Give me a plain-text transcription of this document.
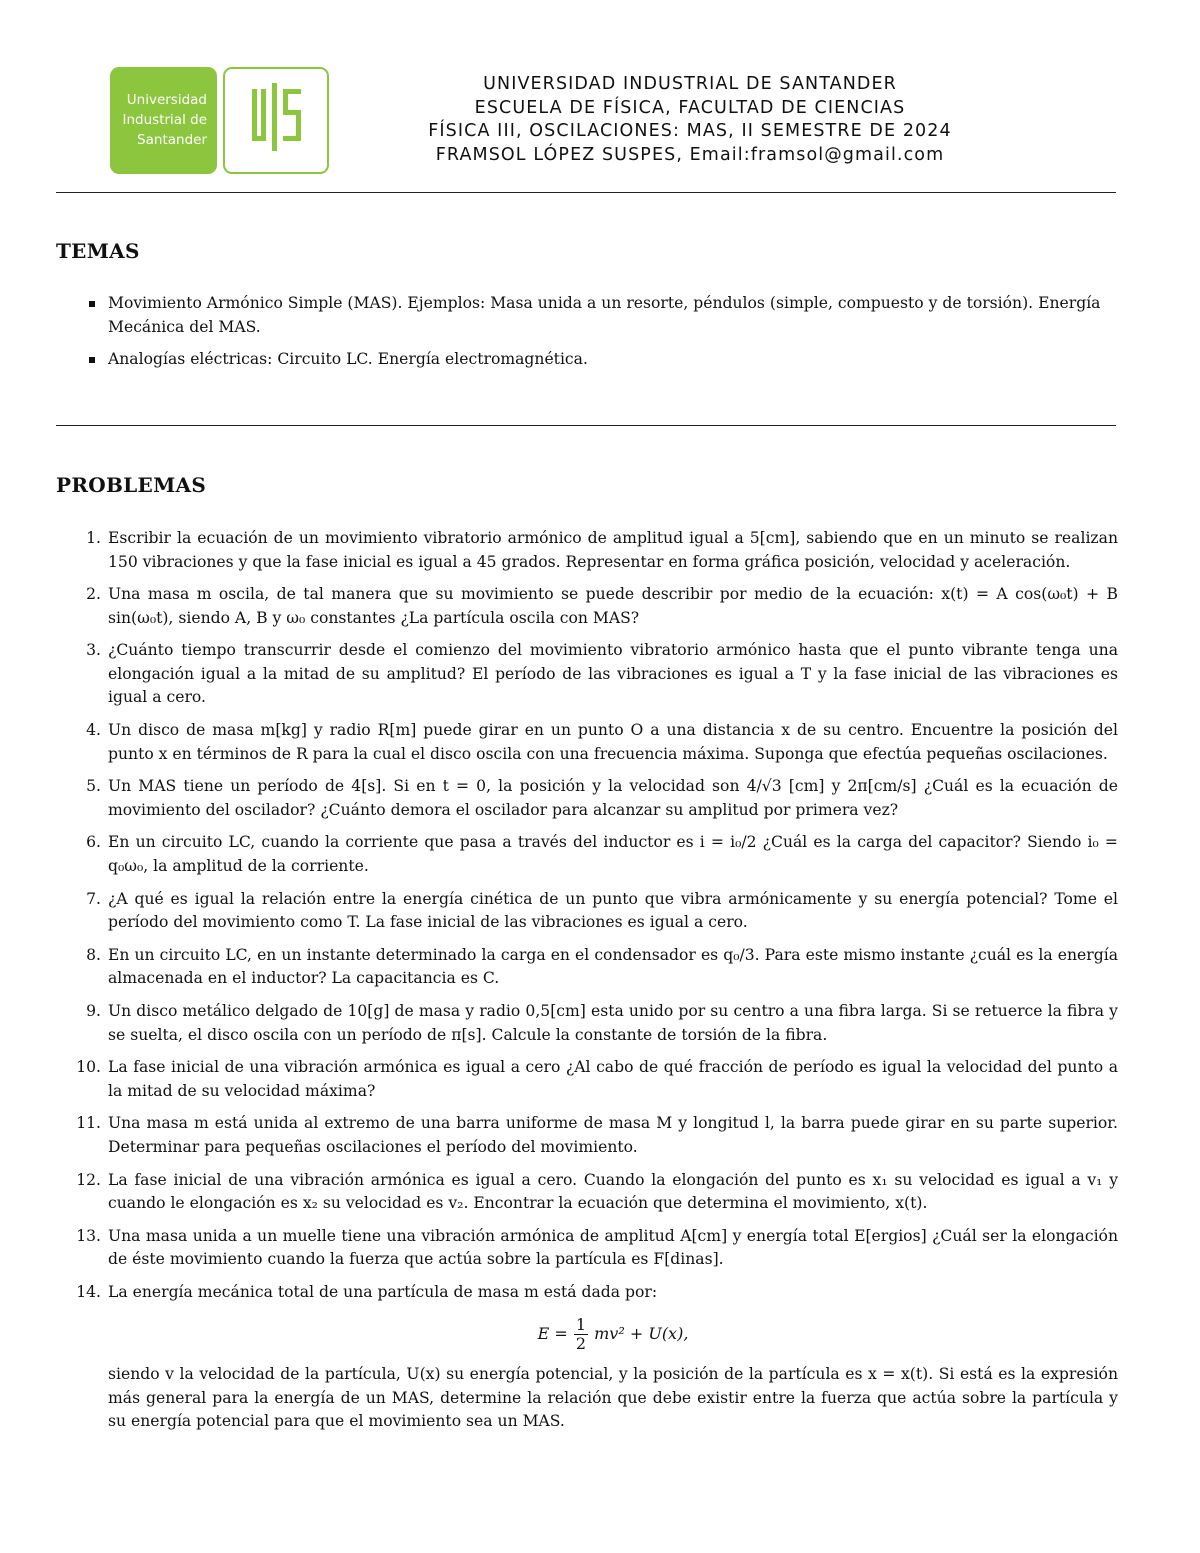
Universidad
Industrial de
Santander
UNIVERSIDAD INDUSTRIAL DE SANTANDER
ESCUELA DE FÍSICA, FACULTAD DE CIENCIAS
FÍSICA III, OSCILACIONES: MAS, II SEMESTRE DE 2024
FRAMSOL LÓPEZ SUSPES, Email:framsol@gmail.com
TEMAS
Movimiento Armónico Simple (MAS). Ejemplos: Masa unida a un resorte, péndulos (simple, compuesto y de torsión). Energía Mecánica del MAS.
Analogías eléctricas: Circuito LC. Energía electromagnética.
PROBLEMAS
1. Escribir la ecuación de un movimiento vibratorio armónico de amplitud igual a 5[cm], sabiendo que en un minuto se realizan 150 vibraciones y que la fase inicial es igual a 45 grados. Representar en forma gráfica posición, velocidad y aceleración.
2. Una masa m oscila, de tal manera que su movimiento se puede describir por medio de la ecuación: x(t) = A cos(ω₀t) + B sin(ω₀t), siendo A, B y ω₀ constantes ¿La partícula oscila con MAS?
3. ¿Cuánto tiempo transcurrir desde el comienzo del movimiento vibratorio armónico hasta que el punto vibrante tenga una elongación igual a la mitad de su amplitud? El período de las vibraciones es igual a T y la fase inicial de las vibraciones es igual a cero.
4. Un disco de masa m[kg] y radio R[m] puede girar en un punto O a una distancia x de su centro. Encuentre la posición del punto x en términos de R para la cual el disco oscila con una frecuencia máxima. Suponga que efectúa pequeñas oscilaciones.
5. Un MAS tiene un período de 4[s]. Si en t = 0, la posición y la velocidad son 4/√3 [cm] y 2π[cm/s] ¿Cuál es la ecuación de movimiento del oscilador? ¿Cuánto demora el oscilador para alcanzar su amplitud por primera vez?
6. En un circuito LC, cuando la corriente que pasa a través del inductor es i = i₀/2 ¿Cuál es la carga del capacitor? Siendo i₀ = q₀ω₀, la amplitud de la corriente.
7. ¿A qué es igual la relación entre la energía cinética de un punto que vibra armónicamente y su energía potencial? Tome el período del movimiento como T. La fase inicial de las vibraciones es igual a cero.
8. En un circuito LC, en un instante determinado la carga en el condensador es q₀/3. Para este mismo instante ¿cuál es la energía almacenada en el inductor? La capacitancia es C.
9. Un disco metálico delgado de 10[g] de masa y radio 0,5[cm] esta unido por su centro a una fibra larga. Si se retuerce la fibra y se suelta, el disco oscila con un período de π[s]. Calcule la constante de torsión de la fibra.
10. La fase inicial de una vibración armónica es igual a cero ¿Al cabo de qué fracción de período es igual la velocidad del punto a la mitad de su velocidad máxima?
11. Una masa m está unida al extremo de una barra uniforme de masa M y longitud l, la barra puede girar en su parte superior. Determinar para pequeñas oscilaciones el período del movimiento.
12. La fase inicial de una vibración armónica es igual a cero. Cuando la elongación del punto es x₁ su velocidad es igual a v₁ y cuando le elongación es x₂ su velocidad es v₂. Encontrar la ecuación que determina el movimiento, x(t).
13. Una masa unida a un muelle tiene una vibración armónica de amplitud A[cm] y energía total E[ergios] ¿Cuál ser la elongación de éste movimiento cuando la fuerza que actúa sobre la partícula es F[dinas].
14. La energía mecánica total de una partícula de masa m está dada por:
$E = \frac{1}{2} mv^2 + U(x)$,
siendo v la velocidad de la partícula, U(x) su energía potencial, y la posición de la partícula es x = x(t). Si está es la expresión más general para la energía de un MAS, determine la relación que debe existir entre la fuerza que actúa sobre la partícula y su energía potencial para que el movimiento sea un MAS.
